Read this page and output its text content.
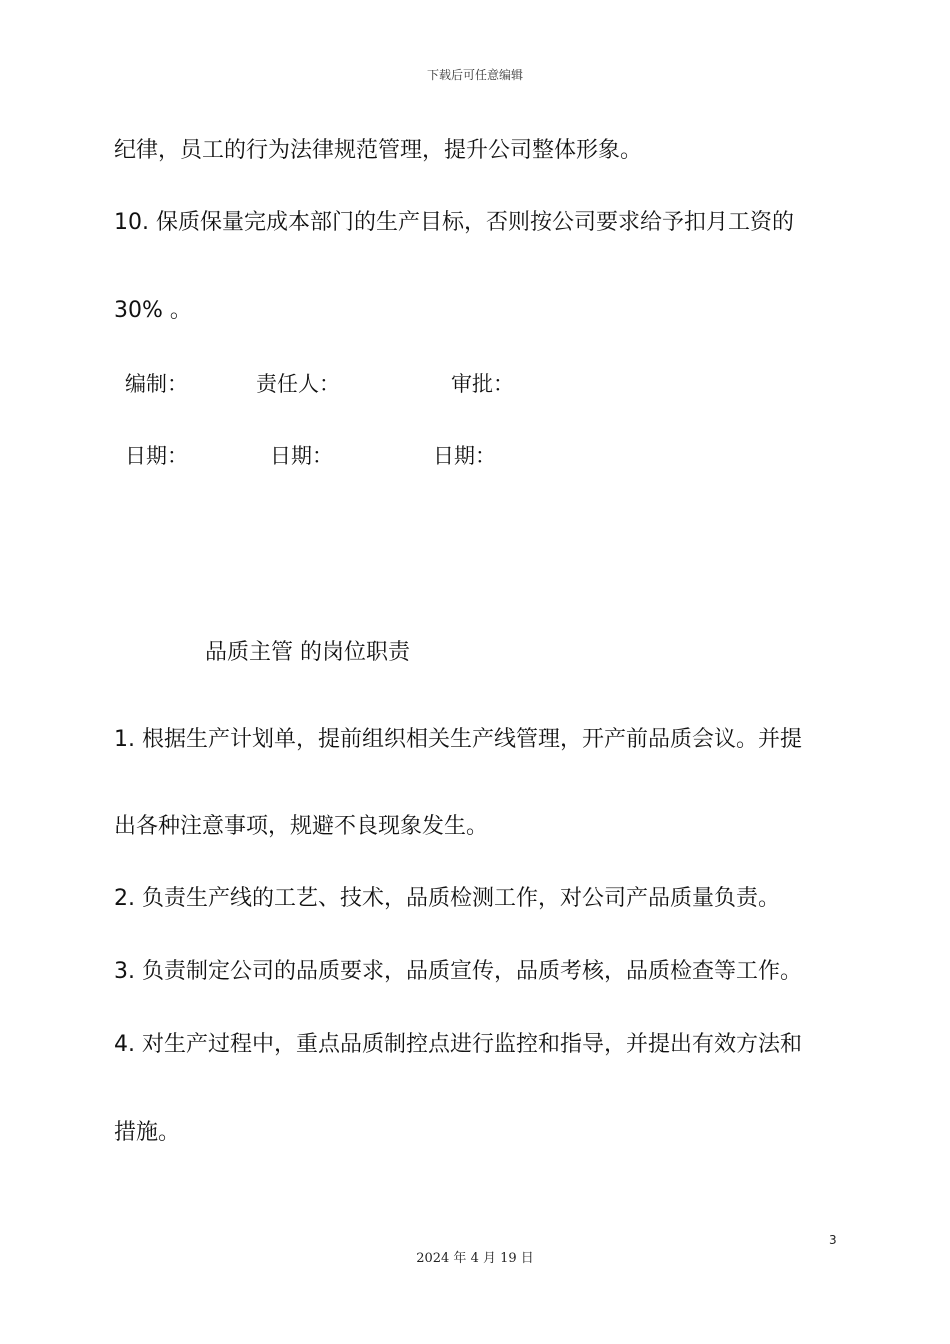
下载后可任意编辑
纪律，员工的行为法律规范管理，提升公司整体形象。
10. 保质保量完成本部门的生产目标，否则按公司要求给予扣月工资的
30% 。
编制：	责任人：	审批：
日期：	日期：	日期：
品质主管 的岗位职责
1. 根据生产计划单，提前组织相关生产线管理，开产前品质会议。并提
出各种注意事项，规避不良现象发生。
2. 负责生产线的工艺、技术，品质检测工作，对公司产品质量负责。
3. 负责制定公司的品质要求，品质宣传，品质考核，品质检查等工作。
4. 对生产过程中，重点品质制控点进行监控和指导，并提出有效方法和
措施。
3
2024 年 4 月 19 日
